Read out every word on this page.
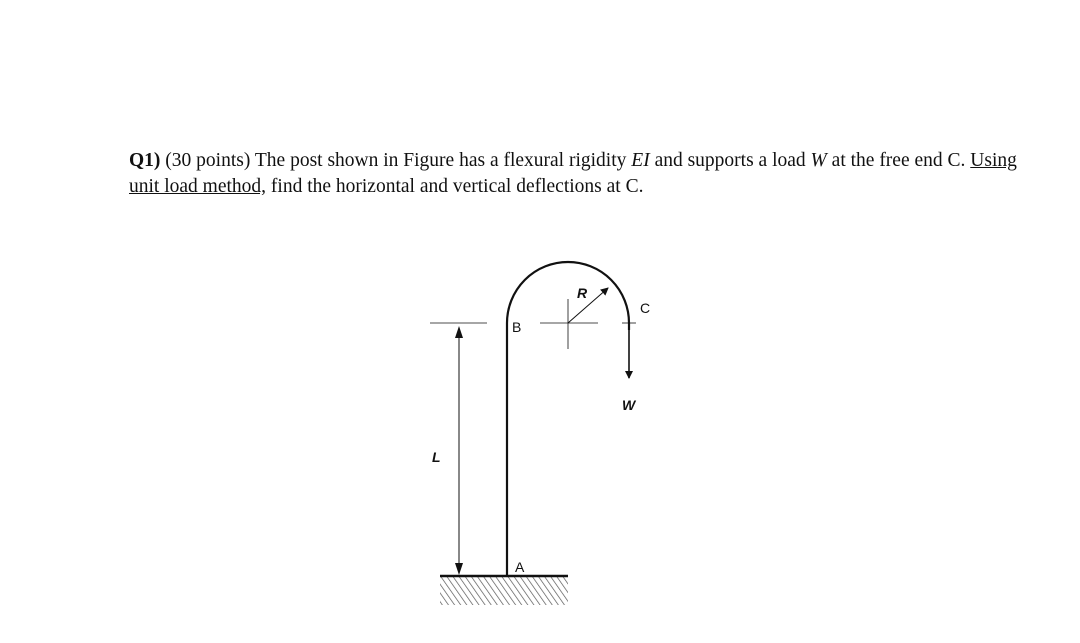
Q1) (30 points) The post shown in Figure has a flexural rigidity EI and supports a load W at the free end C. Using unit load method, find the horizontal and vertical deflections at C.
R
B
C
A
W
L
